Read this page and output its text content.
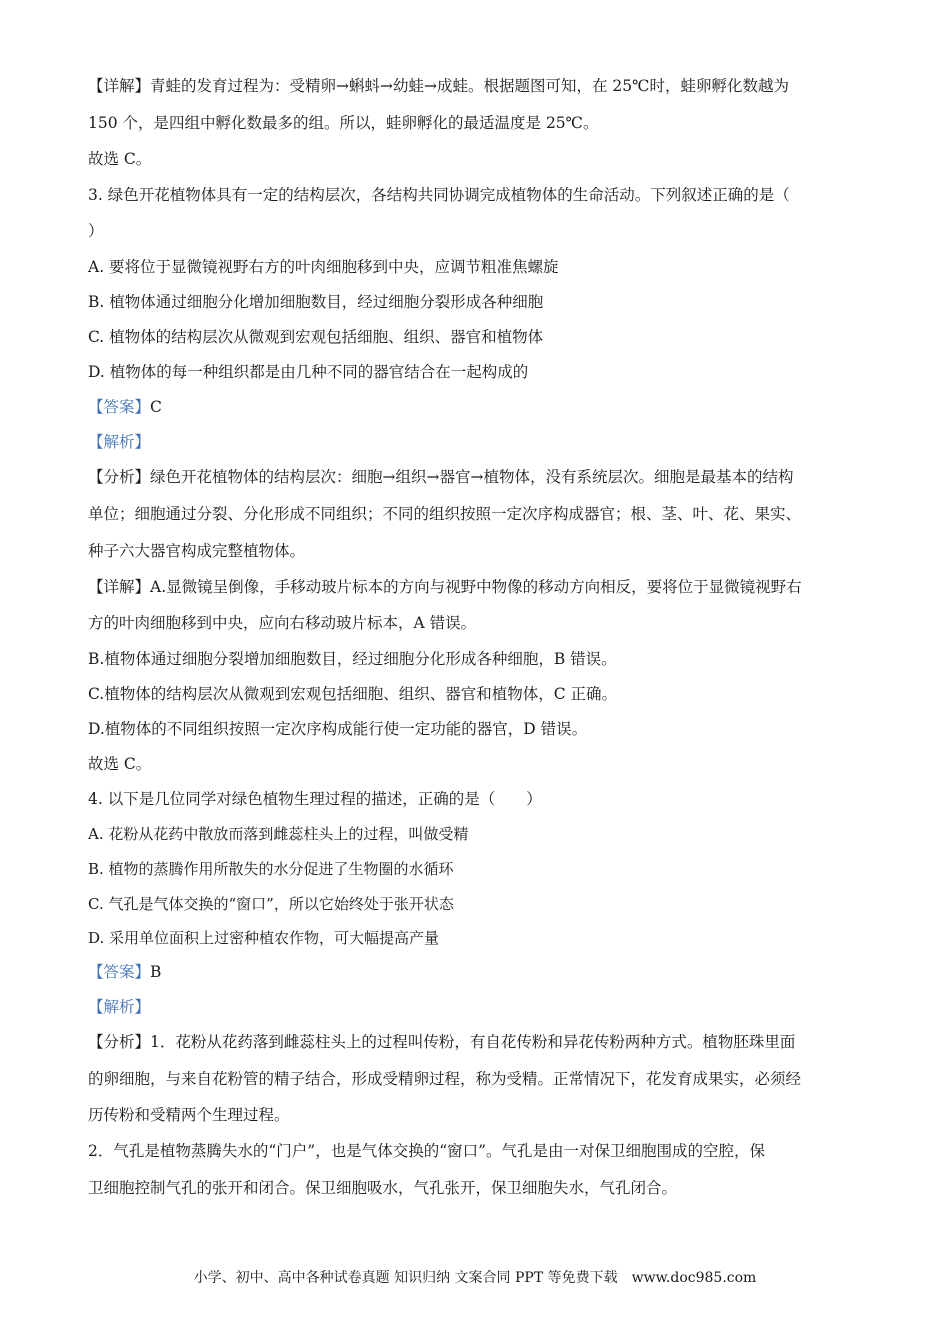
【详解】青蛙的发育过程为：受精卵→蝌蚪→幼蛙→成蛙。根据题图可知，在 25℃时，蛙卵孵化数越为
150 个，是四组中孵化数最多的组。所以，蛙卵孵化的最适温度是 25℃。
故选 C。
3. 绿色开花植物体具有一定的结构层次，各结构共同协调完成植物体的生命活动。下列叙述正确的是（
）
A. 要将位于显微镜视野右方的叶肉细胞移到中央，应调节粗准焦螺旋
B. 植物体通过细胞分化增加细胞数目，经过细胞分裂形成各种细胞
C. 植物体的结构层次从微观到宏观包括细胞、组织、器官和植物体
D. 植物体的每一种组织都是由几种不同的器官结合在一起构成的
【答案】C
【解析】
【分析】绿色开花植物体的结构层次：细胞→组织→器官→植物体，没有系统层次。细胞是最基本的结构
单位；细胞通过分裂、分化形成不同组织；不同的组织按照一定次序构成器官；根、茎、叶、花、果实、
种子六大器官构成完整植物体。
【详解】A.显微镜呈倒像，手移动玻片标本的方向与视野中物像的移动方向相反，要将位于显微镜视野右
方的叶肉细胞移到中央，应向右移动玻片标本，A 错误。
B.植物体通过细胞分裂增加细胞数目，经过细胞分化形成各种细胞，B 错误。
C.植物体的结构层次从微观到宏观包括细胞、组织、器官和植物体，C 正确。
D.植物体的不同组织按照一定次序构成能行使一定功能的器官，D 错误。
故选 C。
4. 以下是几位同学对绿色植物生理过程的描述，正确的是（　　）
A. 花粉从花药中散放而落到雌蕊柱头上的过程，叫做受精
B. 植物的蒸腾作用所散失的水分促进了生物圈的水循环
C. 气孔是气体交换的“窗口”，所以它始终处于张开状态
D. 采用单位面积上过密种植农作物，可大幅提高产量
【答案】B
【解析】
【分析】1．花粉从花药落到雌蕊柱头上的过程叫传粉，有自花传粉和异花传粉两种方式。植物胚珠里面
的卵细胞，与来自花粉管的精子结合，形成受精卵过程，称为受精。正常情况下，花发育成果实，必须经
历传粉和受精两个生理过程。
2．气孔是植物蒸腾失水的“门户”，也是气体交换的“窗口”。气孔是由一对保卫细胞围成的空腔，保
卫细胞控制气孔的张开和闭合。保卫细胞吸水，气孔张开，保卫细胞失水，气孔闭合。
小学、初中、高中各种试卷真题 知识归纳 文案合同 PPT 等免费下载　www.doc985.com
